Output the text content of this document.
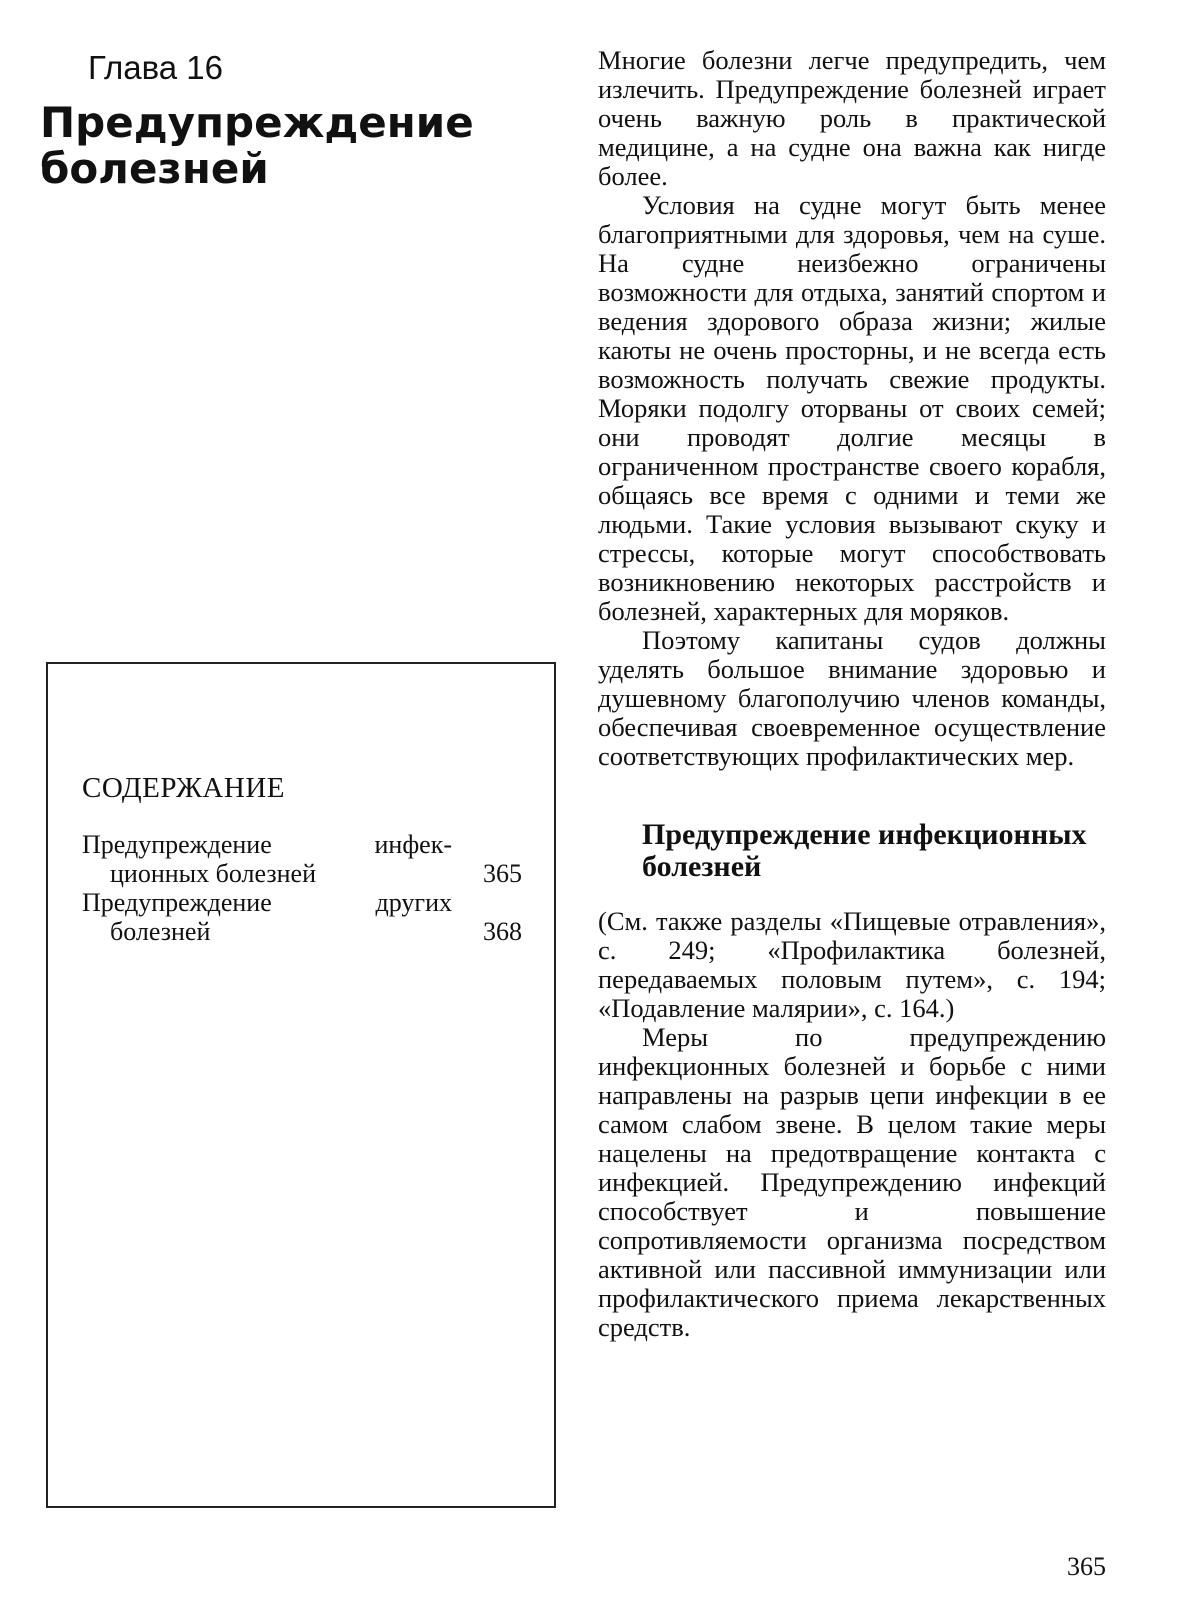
Глава 16
Предупреждение болезней
СОДЕРЖАНИЕ
Предупреждение инфек-
ционных болезней	365
Предупреждение других
болезней	368

Многие болезни легче предупредить, чем излечить. Предупреждение болезней играет очень важную роль в практической медицине, а на судне она важна как нигде более.

Условия на судне могут быть менее благоприятными для здоровья, чем на суше. На судне неизбежно ограничены возможности для отдыха, занятий спортом и ведения здорового образа жизни; жилые каюты не очень просторны, и не всегда есть возможность получать свежие продукты. Моряки подолгу оторваны от своих семей; они проводят долгие месяцы в ограниченном пространстве своего корабля, общаясь все время с одними и теми же людьми. Такие условия вызывают скуку и стрессы, которые могут способствовать возникновению некоторых расстройств и болезней, характерных для моряков.

Поэтому капитаны судов должны уделять большое внимание здоровью и душевному благополучию членов команды, обеспечивая своевременное осуществление соответствующих профилактических мер.

Предупреждение инфекционных болезней

(См. также разделы «Пищевые отравления», с. 249; «Профилактика болезней, передаваемых половым путем», с. 194; «Подавление малярии», с. 164.)

Меры по предупреждению инфекционных болезней и борьбе с ними направлены на разрыв цепи инфекции в ее самом слабом звене. В целом такие меры нацелены на предотвращение контакта с инфекцией. Предупреждению инфекций способствует и повышение сопротивляемости организма посредством активной или пассивной иммунизации или профилактического приема лекарственных средств.

365
